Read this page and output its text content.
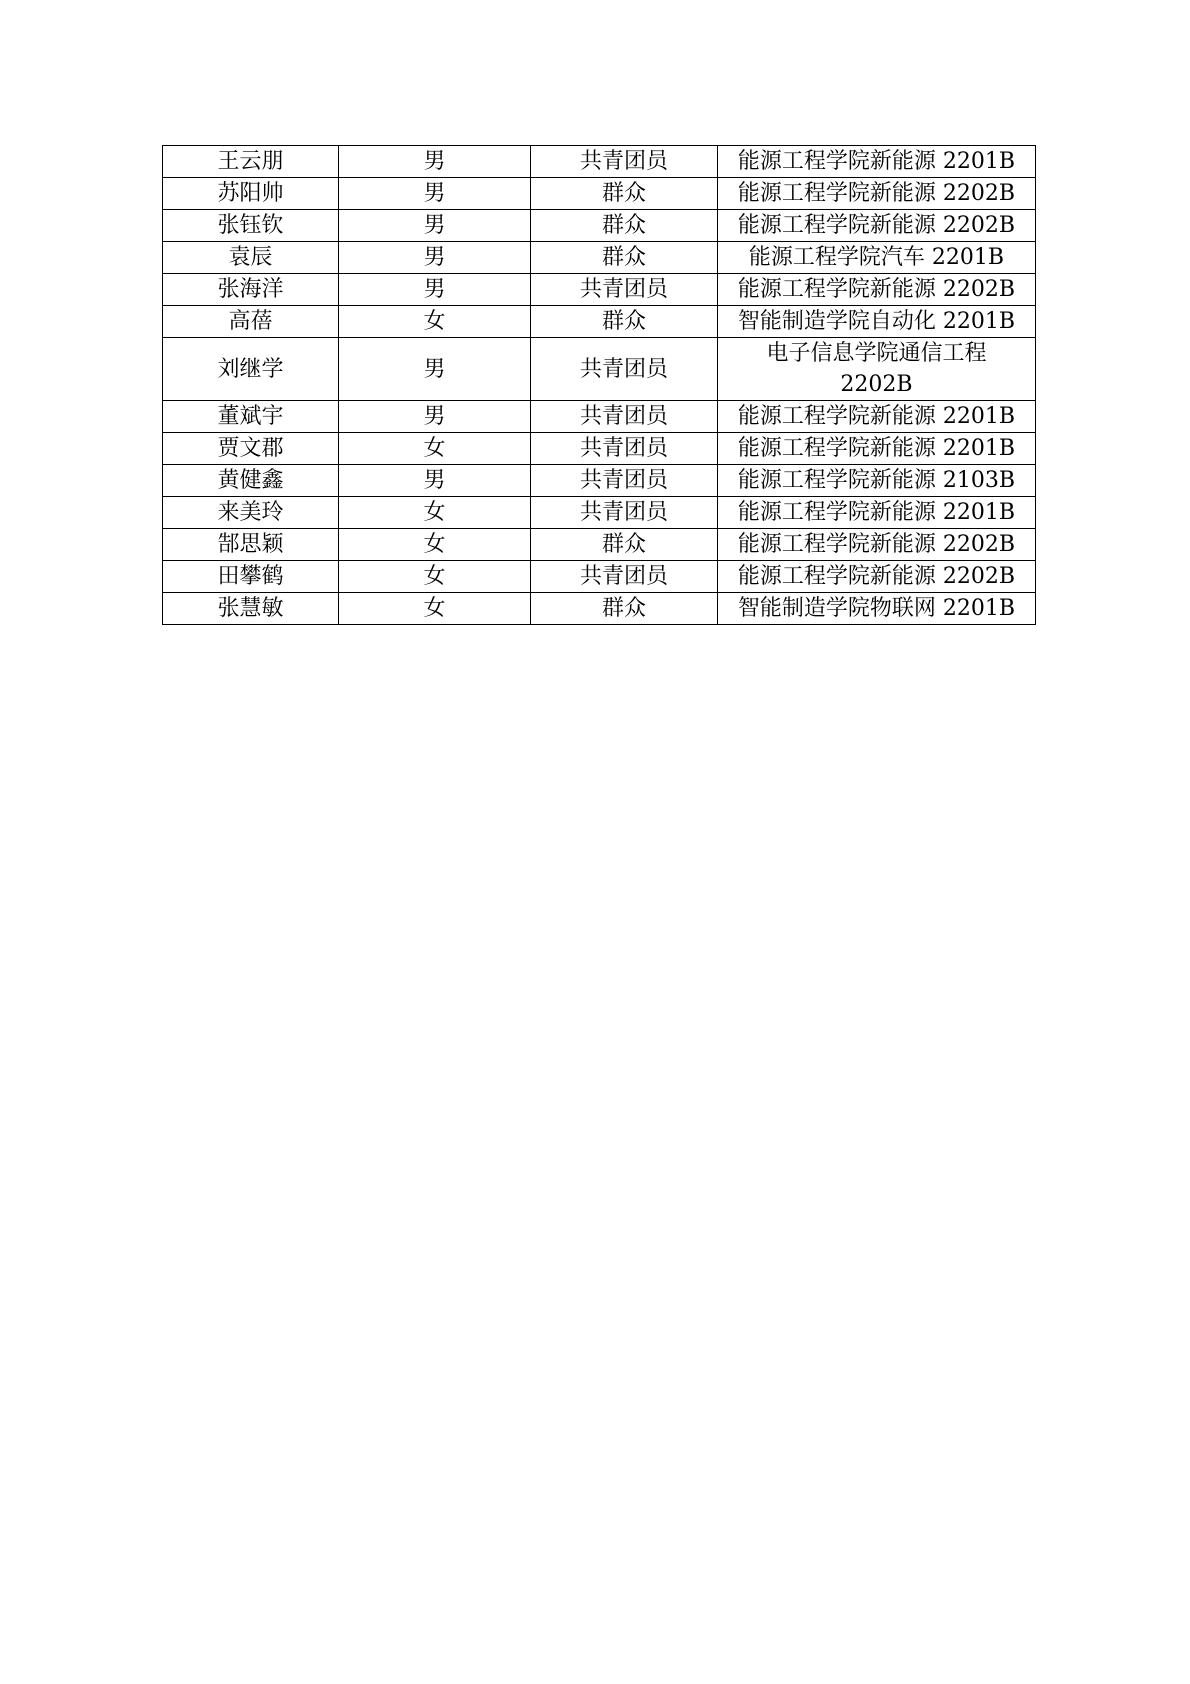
王云朋	男	共青团员	能源工程学院新能源 2201B
苏阳帅	男	群众	能源工程学院新能源 2202B
张钰钦	男	群众	能源工程学院新能源 2202B
袁辰	男	群众	能源工程学院汽车 2201B
张海洋	男	共青团员	能源工程学院新能源 2202B
高蓓	女	群众	智能制造学院自动化 2201B
刘继学	男	共青团员	电子信息学院通信工程 2202B
董斌宇	男	共青团员	能源工程学院新能源 2201B
贾文郡	女	共青团员	能源工程学院新能源 2201B
黄健鑫	男	共青团员	能源工程学院新能源 2103B
来美玲	女	共青团员	能源工程学院新能源 2201B
郜思颖	女	群众	能源工程学院新能源 2202B
田攀鹤	女	共青团员	能源工程学院新能源 2202B
张慧敏	女	群众	智能制造学院物联网 2201B
